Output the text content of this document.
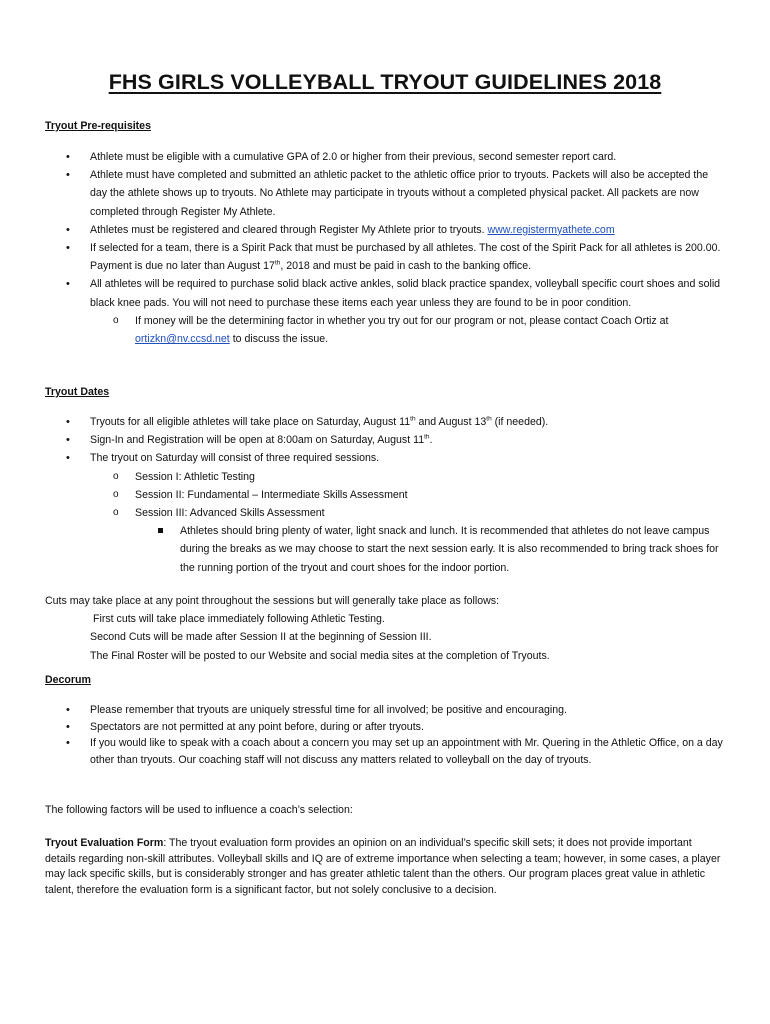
FHS GIRLS VOLLEYBALL TRYOUT GUIDELINES 2018
Tryout Pre-requisites
• Athlete must be eligible with a cumulative GPA of 2.0 or higher from their previous, second semester report card.
• Athlete must have completed and submitted an athletic packet to the athletic office prior to tryouts. Packets will also be accepted the day the athlete shows up to tryouts. No Athlete may participate in tryouts without a completed physical packet. All packets are now completed through Register My Athlete.
• Athletes must be registered and cleared through Register My Athlete prior to tryouts. www.registermyathete.com
• If selected for a team, there is a Spirit Pack that must be purchased by all athletes. The cost of the Spirit Pack for all athletes is 200.00. Payment is due no later than August 17th, 2018 and must be paid in cash to the banking office.
• All athletes will be required to purchase solid black active ankles, solid black practice spandex, volleyball specific court shoes and solid black knee pads. You will not need to purchase these items each year unless they are found to be in poor condition.
o If money will be the determining factor in whether you try out for our program or not, please contact Coach Ortiz at ortizkn@nv.ccsd.net to discuss the issue.
Tryout Dates
• Tryouts for all eligible athletes will take place on Saturday, August 11th and August 13th (if needed).
• Sign-In and Registration will be open at 8:00am on Saturday, August 11th.
• The tryout on Saturday will consist of three required sessions.
o Session I: Athletic Testing
o Session II: Fundamental – Intermediate Skills Assessment
o Session III: Advanced Skills Assessment
Athletes should bring plenty of water, light snack and lunch. It is recommended that athletes do not leave campus during the breaks as we may choose to start the next session early. It is also recommended to bring track shoes for the running portion of the tryout and court shoes for the indoor portion.
Cuts may take place at any point throughout the sessions but will generally take place as follows:
First cuts will take place immediately following Athletic Testing.
Second Cuts will be made after Session II at the beginning of Session III.
The Final Roster will be posted to our Website and social media sites at the completion of Tryouts.
Decorum
• Please remember that tryouts are uniquely stressful time for all involved; be positive and encouraging.
• Spectators are not permitted at any point before, during or after tryouts.
• If you would like to speak with a coach about a concern you may set up an appointment with Mr. Quering in the Athletic Office, on a day other than tryouts. Our coaching staff will not discuss any matters related to volleyball on the day of tryouts.

The following factors will be used to influence a coach’s selection:

Tryout Evaluation Form: The tryout evaluation form provides an opinion on an individual’s specific skill sets; it does not provide important details regarding non-skill attributes. Volleyball skills and IQ are of extreme importance when selecting a team; however, in some cases, a player may lack specific skills, but is considerably stronger and has greater athletic talent than the others. Our program places great value in athletic talent, therefore the evaluation form is a significant factor, but not solely conclusive to a decision.
